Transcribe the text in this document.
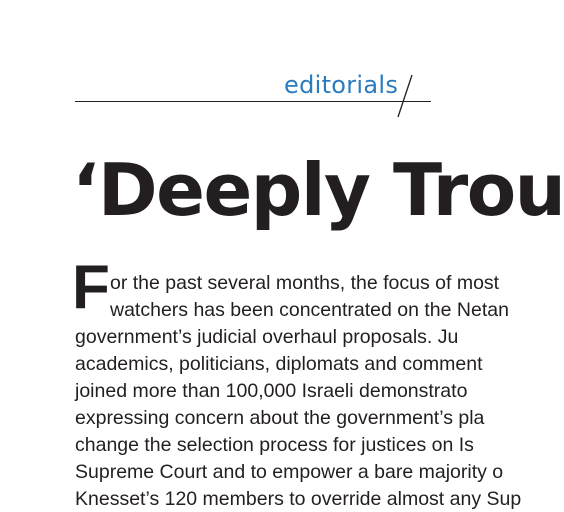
editorials
‘Deeply Trou
F or the past several months, the focus of most
watchers has been concentrated on the Netan
government’s judicial overhaul proposals. Ju
academics, politicians, diplomats and comment
joined more than 100,000 Israeli demonstrato
expressing concern about the government’s pla
change the selection process for justices on Is
Supreme Court and to empower a bare majority o
Knesset’s 120 members to override almost any Sup
